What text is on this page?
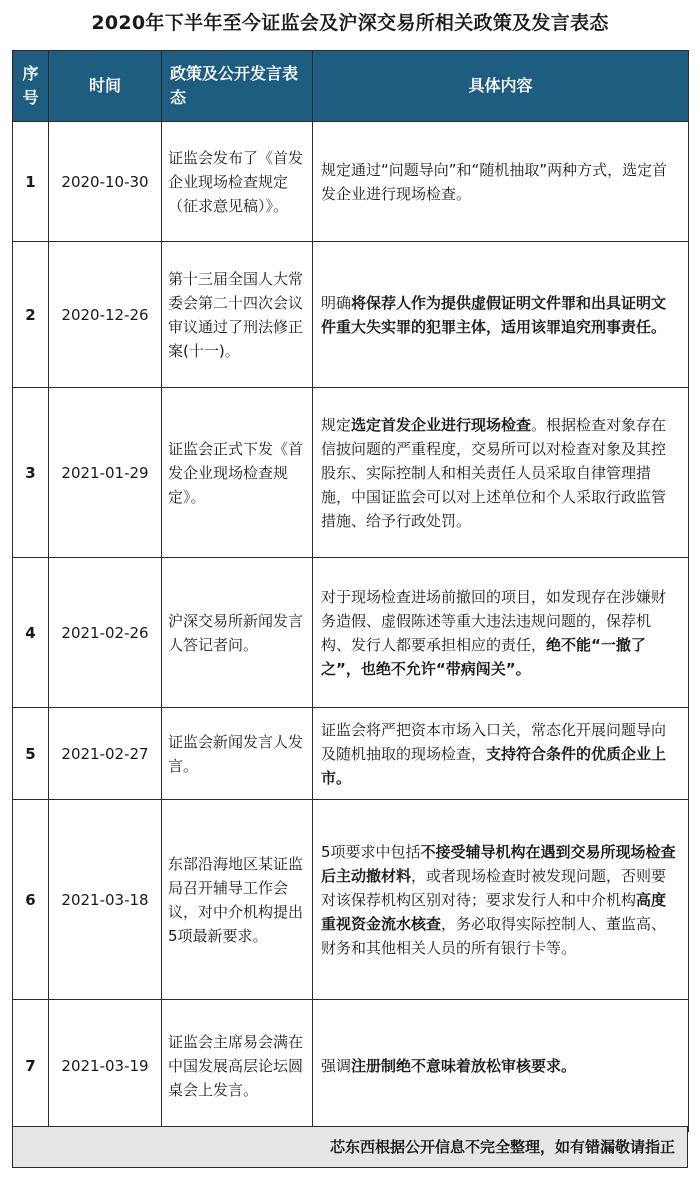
2020年下半年至今证监会及沪深交易所相关政策及发言表态
序号	时间	政策及公开发言表态	具体内容
1	2020-10-30	证监会发布了《首发企业现场检查规定（征求意见稿）》。	规定通过“问题导向”和“随机抽取”两种方式，选定首发企业进行现场检查。
2	2020-12-26	第十三届全国人大常委会第二十四次会议审议通过了刑法修正案(十一)。	明确将保荐人作为提供虚假证明文件罪和出具证明文件重大失实罪的犯罪主体，适用该罪追究刑事责任。
3	2021-01-29	证监会正式下发《首发企业现场检查规定》。	规定选定首发企业进行现场检查。根据检查对象存在信披问题的严重程度，交易所可以对检查对象及其控股东、实际控制人和相关责任人员采取自律管理措施，中国证监会可以对上述单位和个人采取行政监管措施、给予行政处罚。
4	2021-02-26	沪深交易所新闻发言人答记者问。	对于现场检查进场前撤回的项目，如发现存在涉嫌财务造假、虚假陈述等重大违法违规问题的，保荐机构、发行人都要承担相应的责任，绝不能“一撤了之”，也绝不允许“带病闯关”。
5	2021-02-27	证监会新闻发言人发言。	证监会将严把资本市场入口关，常态化开展问题导向及随机抽取的现场检查，支持符合条件的优质企业上市。
6	2021-03-18	东部沿海地区某证监局召开辅导工作会议，对中介机构提出5项最新要求。	5项要求中包括不接受辅导机构在遇到交易所现场检查后主动撤材料，或者现场检查时被发现问题，否则要对该保荐机构区别对待；要求发行人和中介机构高度重视资金流水核查，务必取得实际控制人、董监高、财务和其他相关人员的所有银行卡等。
7	2021-03-19	证监会主席易会满在中国发展高层论坛圆桌会上发言。	强调注册制绝不意味着放松审核要求。
芯东西根据公开信息不完全整理，如有错漏敬请指正
